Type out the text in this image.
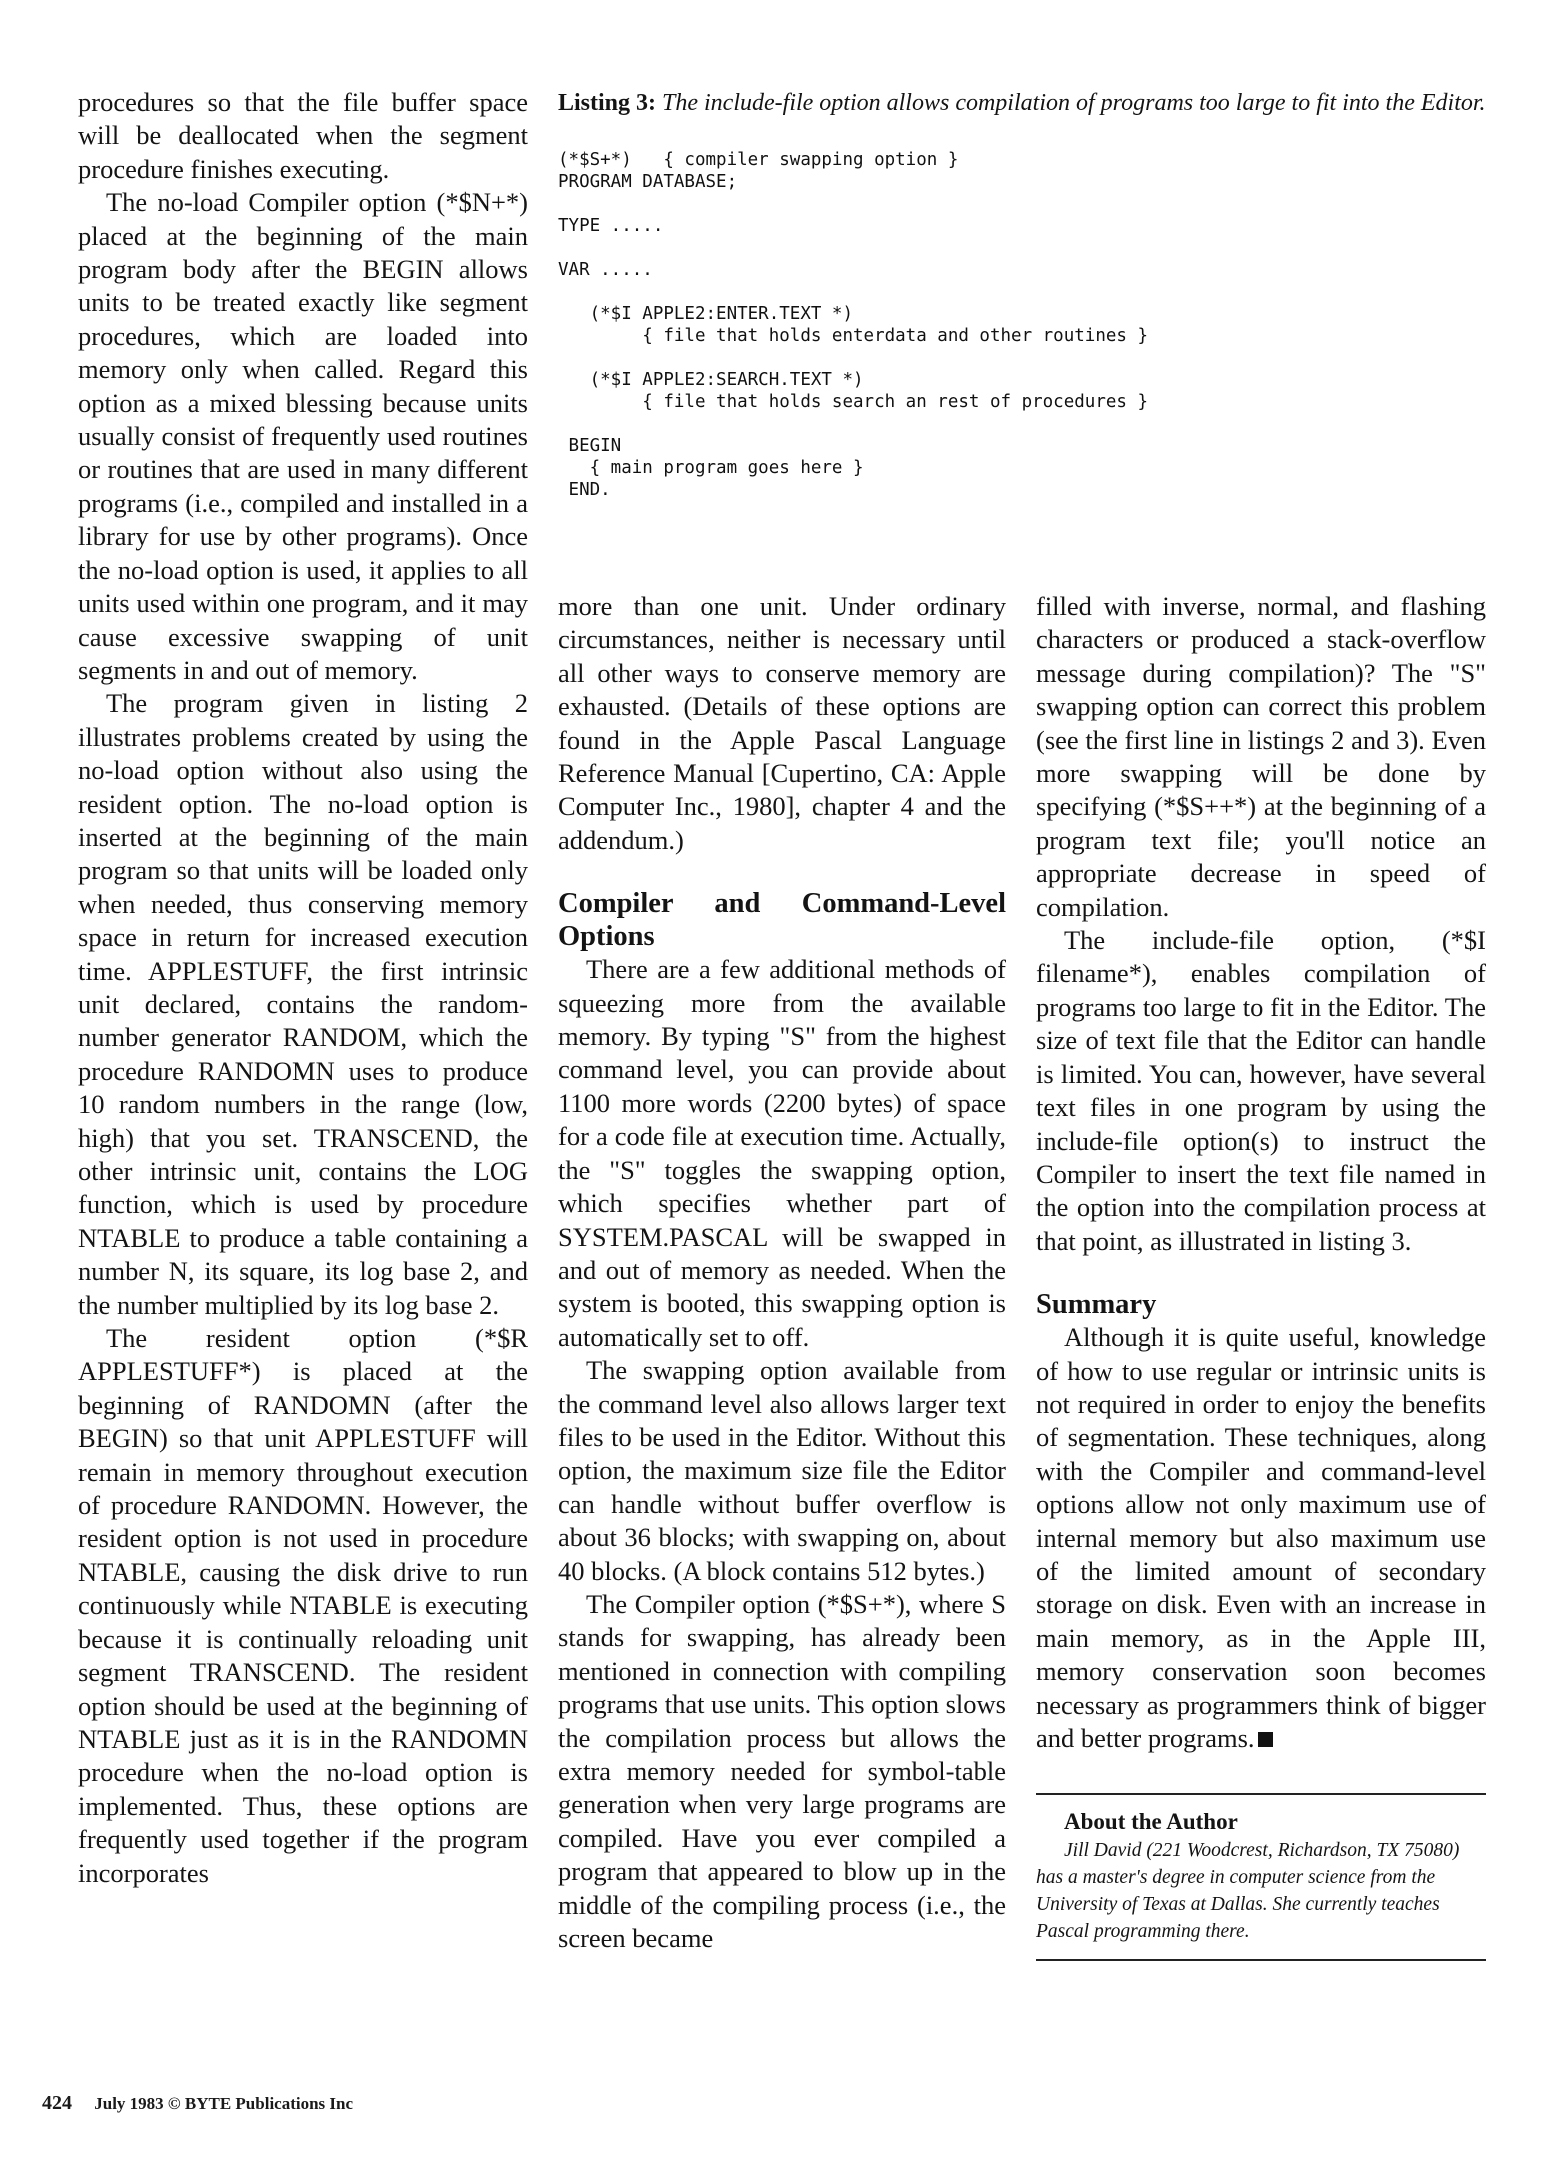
procedures so that the file buffer space will be deallocated when the segment procedure finishes executing.

The no-load Compiler option (*$N+*) placed at the beginning of the main program body after the BEGIN allows units to be treated exactly like segment procedures, which are loaded into memory only when called. Regard this option as a mixed blessing because units usually consist of frequently used routines or routines that are used in many different programs (i.e., compiled and installed in a library for use by other programs). Once the no-load option is used, it applies to all units used within one program, and it may cause excessive swapping of unit segments in and out of memory.

The program given in listing 2 illustrates problems created by using the no-load option without also using the resident option. The no-load option is inserted at the beginning of the main program so that units will be loaded only when needed, thus conserving memory space in return for increased execution time. APPLESTUFF, the first intrinsic unit declared, contains the random-number generator RANDOM, which the procedure RANDOMN uses to produce 10 random numbers in the range (low, high) that you set. TRANSCEND, the other intrinsic unit, contains the LOG function, which is used by procedure NTABLE to produce a table containing a number N, its square, its log base 2, and the number multiplied by its log base 2.

The resident option (*$R APPLESTUFF*) is placed at the beginning of RANDOMN (after the BEGIN) so that unit APPLESTUFF will remain in memory throughout execution of procedure RANDOMN. However, the resident option is not used in procedure NTABLE, causing the disk drive to run continuously while NTABLE is executing because it is continually reloading unit segment TRANSCEND. The resident option should be used at the beginning of NTABLE just as it is in the RANDOMN procedure when the no-load option is implemented. Thus, these options are frequently used together if the program incorporates

Listing 3: The include-file option allows compilation of programs too large to fit into the Editor.

(*$S+*)   { compiler swapping option }
PROGRAM DATABASE;
TYPE .....
VAR .....
(*$I APPLE2:ENTER.TEXT *)
{ file that holds enterdata and other routines }
(*$I APPLE2:SEARCH.TEXT *)
{ file that holds search an rest of procedures }
BEGIN
{ main program goes here }
END.

more than one unit. Under ordinary circumstances, neither is necessary until all other ways to conserve memory are exhausted. (Details of these options are found in the Apple Pascal Language Reference Manual [Cupertino, CA: Apple Computer Inc., 1980], chapter 4 and the addendum.)

Compiler and Command-Level Options

There are a few additional methods of squeezing more from the available memory. By typing "S" from the highest command level, you can provide about 1100 more words (2200 bytes) of space for a code file at execution time. Actually, the "S" toggles the swapping option, which specifies whether part of SYSTEM.PASCAL will be swapped in and out of memory as needed. When the system is booted, this swapping option is automatically set to off.

The swapping option available from the command level also allows larger text files to be used in the Editor. Without this option, the maximum size file the Editor can handle without buffer overflow is about 36 blocks; with swapping on, about 40 blocks. (A block contains 512 bytes.)

The Compiler option (*$S+*), where S stands for swapping, has already been mentioned in connection with compiling programs that use units. This option slows the compilation process but allows the extra memory needed for symbol-table generation when very large programs are compiled. Have you ever compiled a program that appeared to blow up in the middle of the compiling process (i.e., the screen became

filled with inverse, normal, and flashing characters or produced a stack-overflow message during compilation)? The "S" swapping option can correct this problem (see the first line in listings 2 and 3). Even more swapping will be done by specifying (*$S++*) at the beginning of a program text file; you'll notice an appropriate decrease in speed of compilation.

The include-file option, (*$I filename*), enables compilation of programs too large to fit in the Editor. The size of text file that the Editor can handle is limited. You can, however, have several text files in one program by using the include-file option(s) to instruct the Compiler to insert the text file named in the option into the compilation process at that point, as illustrated in listing 3.

Summary

Although it is quite useful, knowledge of how to use regular or intrinsic units is not required in order to enjoy the benefits of segmentation. These techniques, along with the Compiler and command-level options allow not only maximum use of internal memory but also maximum use of the limited amount of secondary storage on disk. Even with an increase in main memory, as in the Apple III, memory conservation soon becomes necessary as programmers think of bigger and better programs.

About the Author

Jill David (221 Woodcrest, Richardson, TX 75080) has a master's degree in computer science from the University of Texas at Dallas. She currently teaches Pascal programming there.

424 July 1983 © BYTE Publications Inc
